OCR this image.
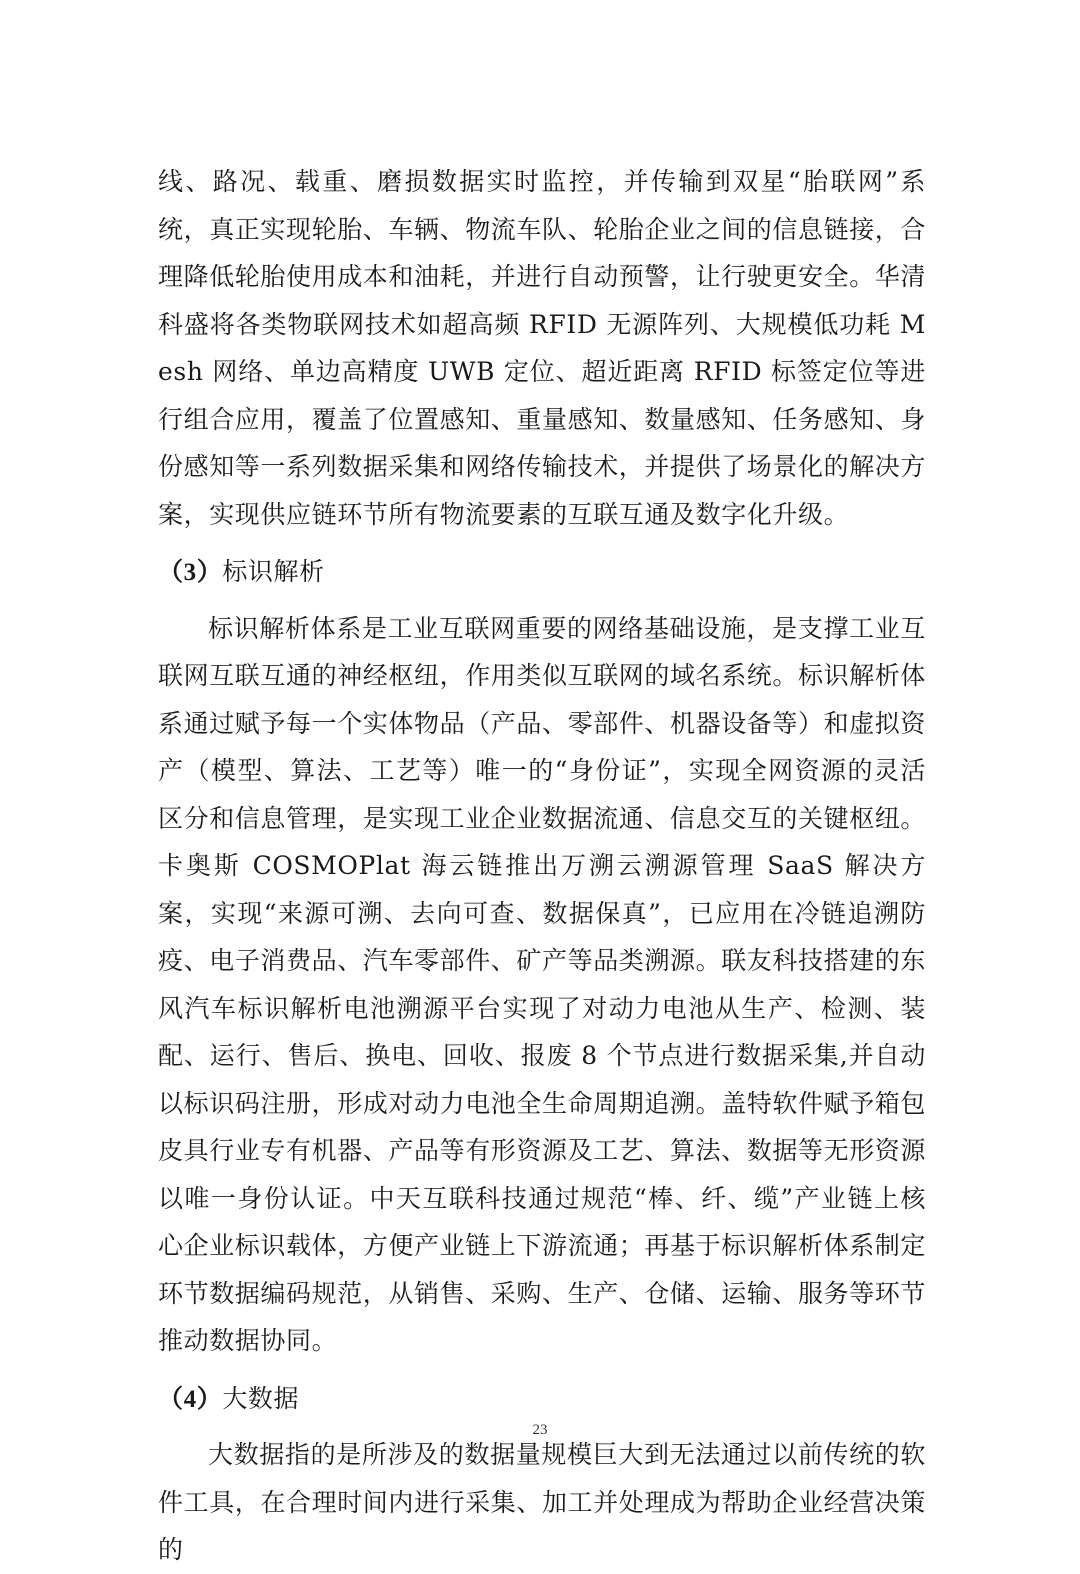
线、路况、载重、磨损数据实时监控，并传输到双星“胎联网”系统，真正实现轮胎、车辆、物流车队、轮胎企业之间的信息链接，合理降低轮胎使用成本和油耗，并进行自动预警，让行驶更安全。华清科盛将各类物联网技术如超高频 RFID 无源阵列、大规模低功耗 Mesh 网络、单边高精度 UWB 定位、超近距离 RFID 标签定位等进行组合应用，覆盖了位置感知、重量感知、数量感知、任务感知、身份感知等一系列数据采集和网络传输技术，并提供了场景化的解决方案，实现供应链环节所有物流要素的互联互通及数字化升级。

（3）标识解析

标识解析体系是工业互联网重要的网络基础设施，是支撑工业互联网互联互通的神经枢纽，作用类似互联网的域名系统。标识解析体系通过赋予每一个实体物品（产品、零部件、机器设备等）和虚拟资产（模型、算法、工艺等）唯一的“身份证”，实现全网资源的灵活区分和信息管理，是实现工业企业数据流通、信息交互的关键枢纽。卡奥斯 COSMOPlat 海云链推出万溯云溯源管理 SaaS 解决方案，实现“来源可溯、去向可查、数据保真”，已应用在冷链追溯防疫、电子消费品、汽车零部件、矿产等品类溯源。联友科技搭建的东风汽车标识解析电池溯源平台实现了对动力电池从生产、检测、装配、运行、售后、换电、回收、报废 8 个节点进行数据采集,并自动以标识码注册，形成对动力电池全生命周期追溯。盖特软件赋予箱包皮具行业专有机器、产品等有形资源及工艺、算法、数据等无形资源以唯一身份认证。中天互联科技通过规范“棒、纤、缆”产业链上核心企业标识载体，方便产业链上下游流通；再基于标识解析体系制定环节数据编码规范，从销售、采购、生产、仓储、运输、服务等环节推动数据协同。

（4）大数据

大数据指的是所涉及的数据量规模巨大到无法通过以前传统的软件工具，在合理时间内进行采集、加工并处理成为帮助企业经营决策的

23
